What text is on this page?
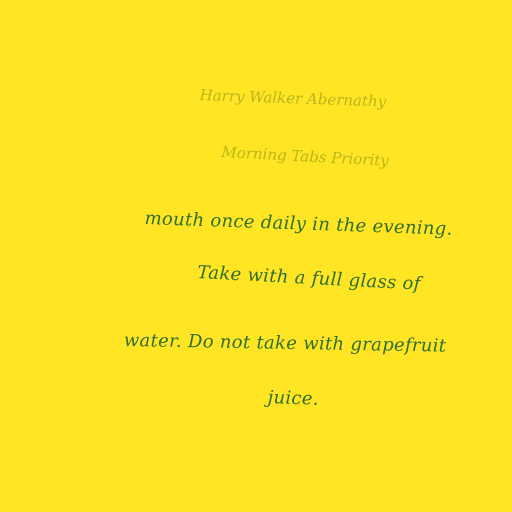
Harry Walker Abernathy
Morning Tabs Priority
mouth once daily in the evening.
Take with a full glass of
water. Do not take with grapefruit
juice.
